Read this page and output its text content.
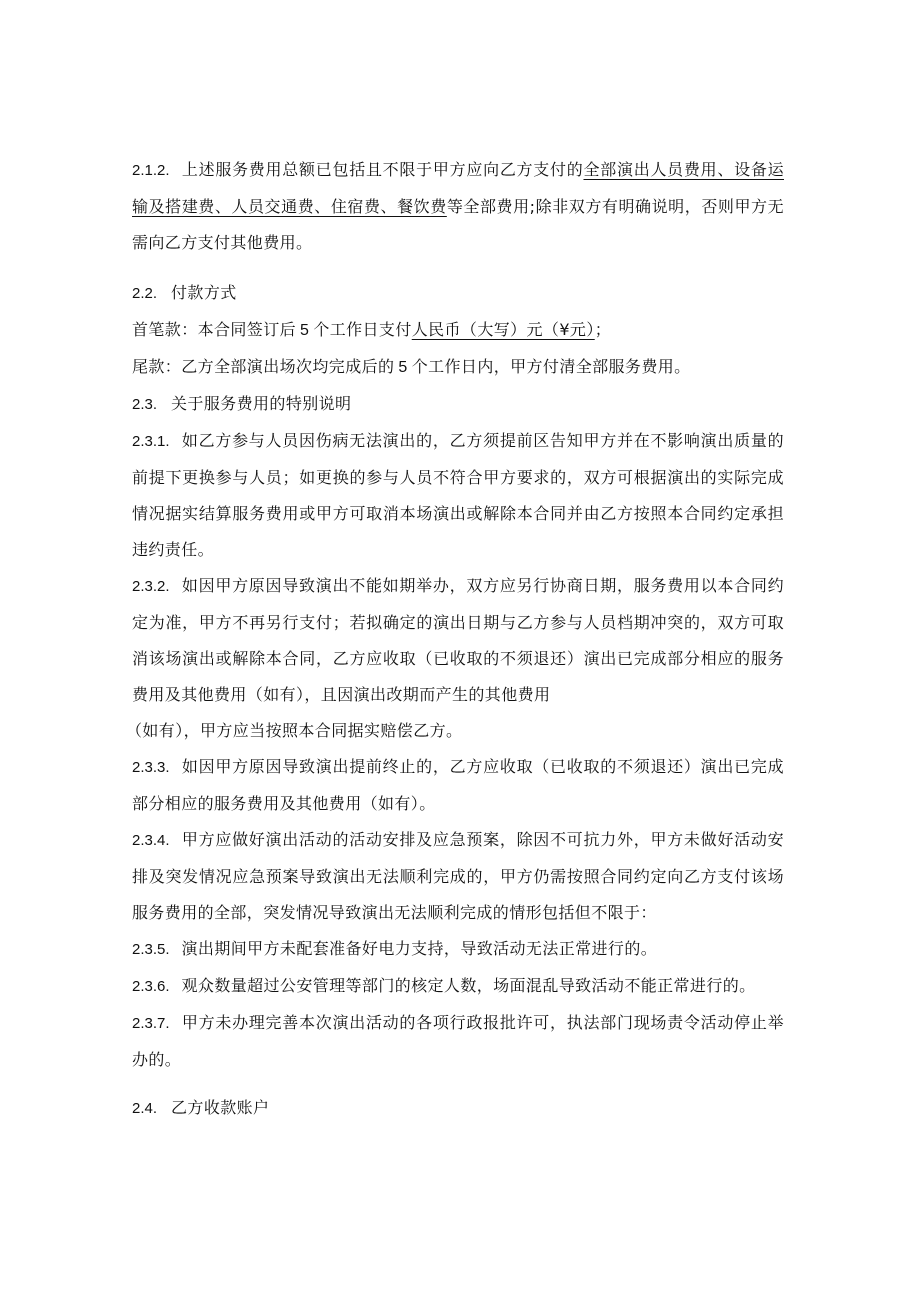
2.1.2. 上述服务费用总额已包括且不限于甲方应向乙方支付的全部演出人员费用、设备运输及搭建费、人员交通费、住宿费、餐饮费等全部费用;除非双方有明确说明，否则甲方无需向乙方支付其他费用。

2.2. 付款方式

首笔款：本合同签订后 5 个工作日支付人民币（大写）元（¥元）；

尾款：乙方全部演出场次均完成后的 5 个工作日内，甲方付清全部服务费用。

2.3. 关于服务费用的特别说明

2.3.1. 如乙方参与人员因伤病无法演出的，乙方须提前区告知甲方并在不影响演出质量的前提下更换参与人员；如更换的参与人员不符合甲方要求的，双方可根据演出的实际完成情况据实结算服务费用或甲方可取消本场演出或解除本合同并由乙方按照本合同约定承担违约责任。

2.3.2. 如因甲方原因导致演出不能如期举办，双方应另行协商日期，服务费用以本合同约定为准，甲方不再另行支付；若拟确定的演出日期与乙方参与人员档期冲突的，双方可取消该场演出或解除本合同，乙方应收取（已收取的不须退还）演出已完成部分相应的服务费用及其他费用（如有），且因演出改期而产生的其他费用
（如有），甲方应当按照本合同据实赔偿乙方。

2.3.3. 如因甲方原因导致演出提前终止的，乙方应收取（已收取的不须退还）演出已完成部分相应的服务费用及其他费用（如有）。

2.3.4. 甲方应做好演出活动的活动安排及应急预案，除因不可抗力外，甲方未做好活动安排及突发情况应急预案导致演出无法顺利完成的，甲方仍需按照合同约定向乙方支付该场服务费用的全部，突发情况导致演出无法顺利完成的情形包括但不限于：

2.3.5. 演出期间甲方未配套准备好电力支持，导致活动无法正常进行的。

2.3.6. 观众数量超过公安管理等部门的核定人数，场面混乱导致活动不能正常进行的。

2.3.7. 甲方未办理完善本次演出活动的各项行政报批许可，执法部门现场责令活动停止举办的。

2.4. 乙方收款账户
